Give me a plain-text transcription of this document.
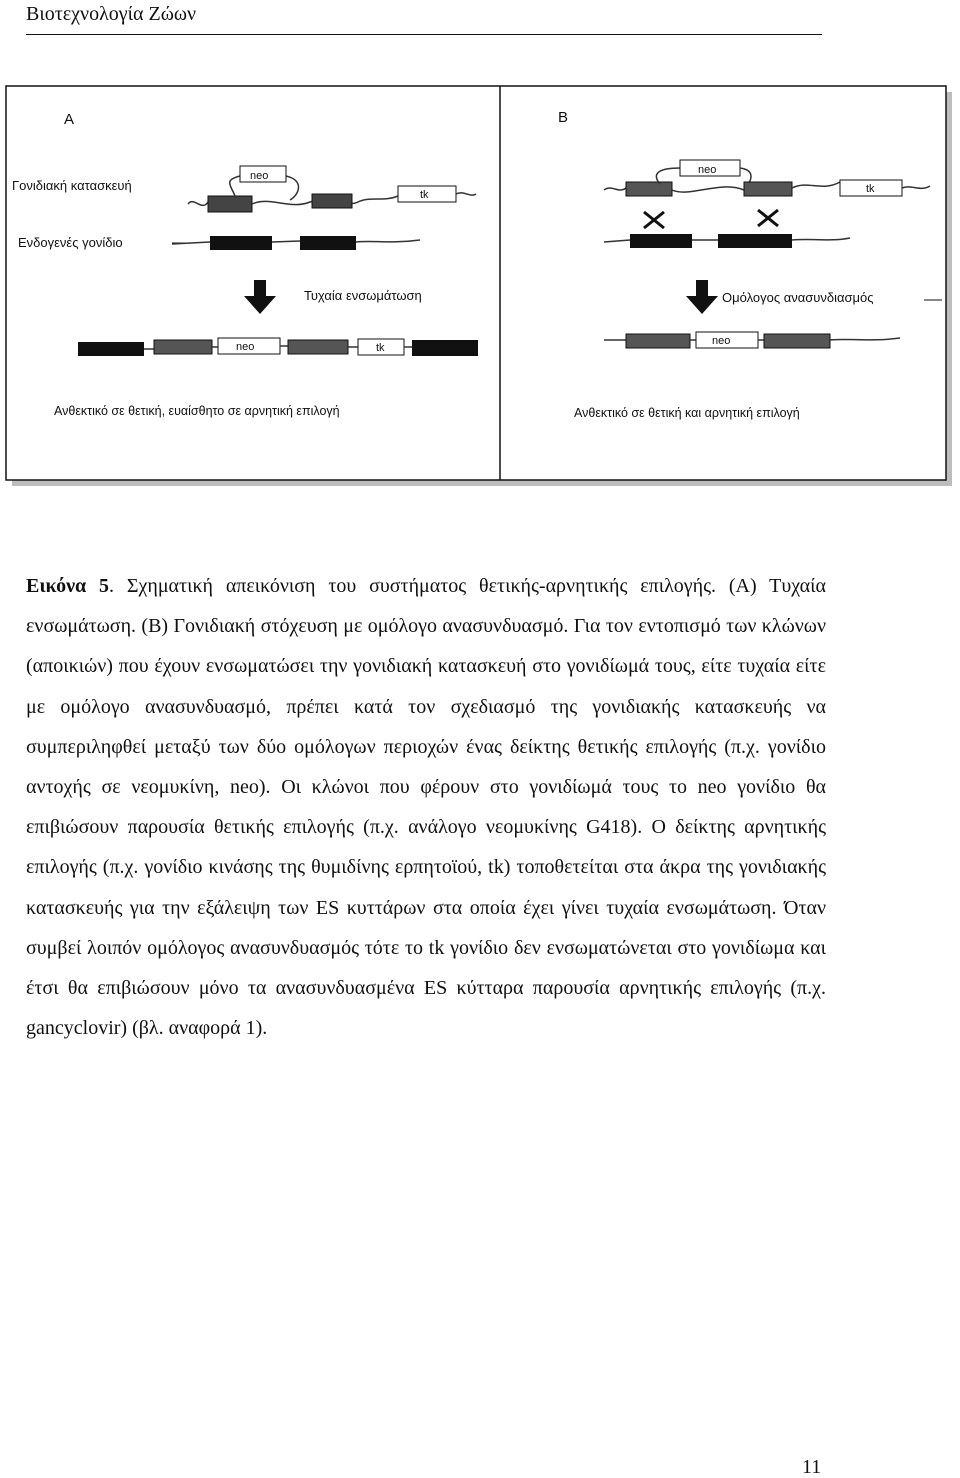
Βιοτεχνολογία Ζώων
Α
Γονιδιακή κατασκευή
Ενδογενές γονίδιο
neo
tk
Τυχαία ενσωμάτωση
neo	tk
Ανθεκτικό σε θετική, ευαίσθητο σε αρνητική επιλογή
Β
neo
tk
Ομόλογος ανασυνδιασμός
neo
Ανθεκτικό σε θετική και αρνητική επιλογή

Εικόνα 5. Σχηματική απεικόνιση του συστήματος θετικής-αρνητικής επιλογής. (Α) Τυχαία ενσωμάτωση. (Β) Γονιδιακή στόχευση με ομόλογο ανασυνδυασμό. Για τον εντοπισμό των κλώνων (αποικιών) που έχουν ενσωματώσει την γονιδιακή κατασκευή στο γονιδίωμά τους, είτε τυχαία είτε με ομόλογο ανασυνδυασμό, πρέπει κατά τον σχεδιασμό της γονιδιακής κατασκευής να συμπεριληφθεί μεταξύ των δύο ομόλογων περιοχών ένας δείκτης θετικής επιλογής (π.χ. γονίδιο αντοχής σε νεομυκίνη, neo). Οι κλώνοι που φέρουν στο γονιδίωμά τους το neo γονίδιο θα επιβιώσουν παρουσία θετικής επιλογής (π.χ. ανάλογο νεομυκίνης G418). Ο δείκτης αρνητικής επιλογής (π.χ. γονίδιο κινάσης της θυμιδίνης ερπητοϊού, tk) τοποθετείται στα άκρα της γονιδιακής κατασκευής για την εξάλειψη των ES κυττάρων στα οποία έχει γίνει τυχαία ενσωμάτωση. Όταν συμβεί λοιπόν ομόλογος ανασυνδυασμός τότε το tk γονίδιο δεν ενσωματώνεται στο γονιδίωμα και έτσι θα επιβιώσουν μόνο τα ανασυνδυασμένα ES κύτταρα παρουσία αρνητικής επιλογής (π.χ. gancyclovir) (βλ. αναφορά 1).

11
